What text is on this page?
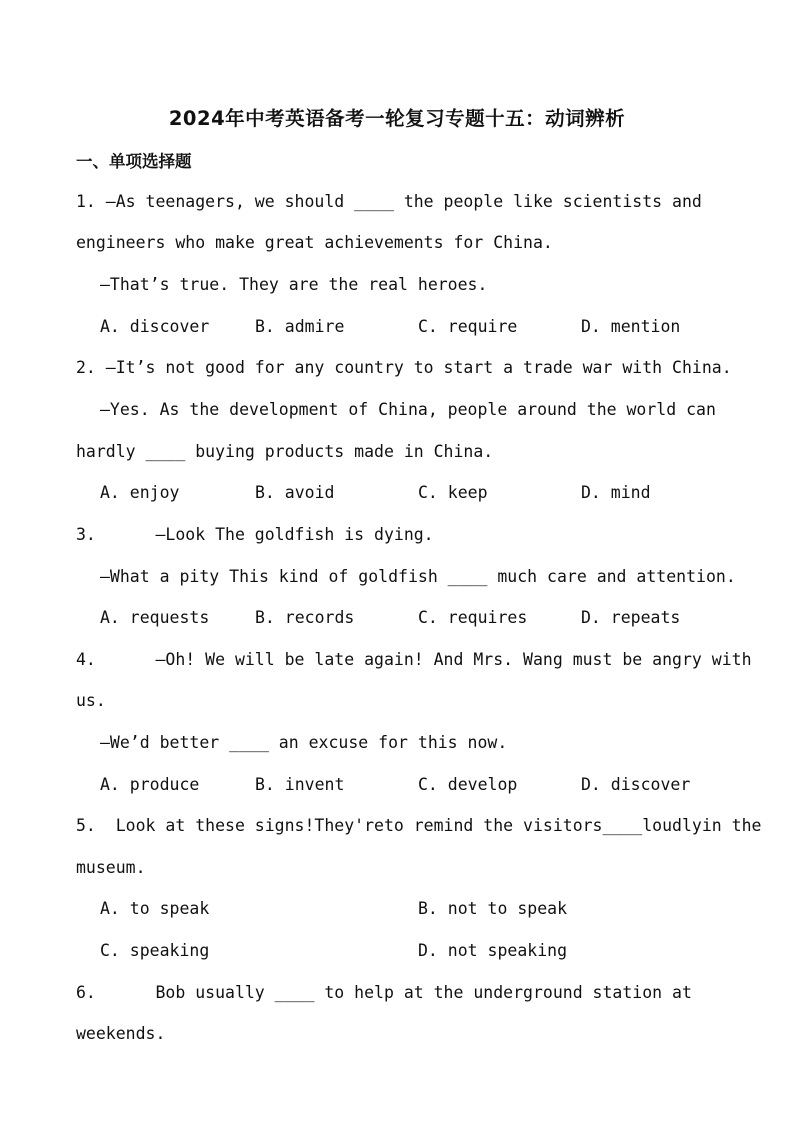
2024年中考英语备考一轮复习专题十五：动词辨析
一、单项选择题
1. —As teenagers, we should ____ the people like scientists and
engineers who make great achievements for China.
—That’s true. They are the real heroes.
A. discover	B. admire	C. require	D. mention
2. —It’s not good for any country to start a trade war with China.
—Yes. As the development of China, people around the world can
hardly ____ buying products made in China.
A. enjoy	B. avoid	C. keep	D. mind
3.      —Look The goldfish is dying.
—What a pity This kind of goldfish ____ much care and attention.
A. requests	B. records	C. requires	D. repeats
4.      —Oh! We will be late again! And Mrs. Wang must be angry with
us.
—We’d better ____ an excuse for this now.
A. produce	B. invent	C. develop	D. discover
5.  Look at these signs!They'reto remind the visitors____loudlyin the
museum.
A. to speak	B. not to speak
C. speaking	D. not speaking
6.      Bob usually ____ to help at the underground station at
weekends.
